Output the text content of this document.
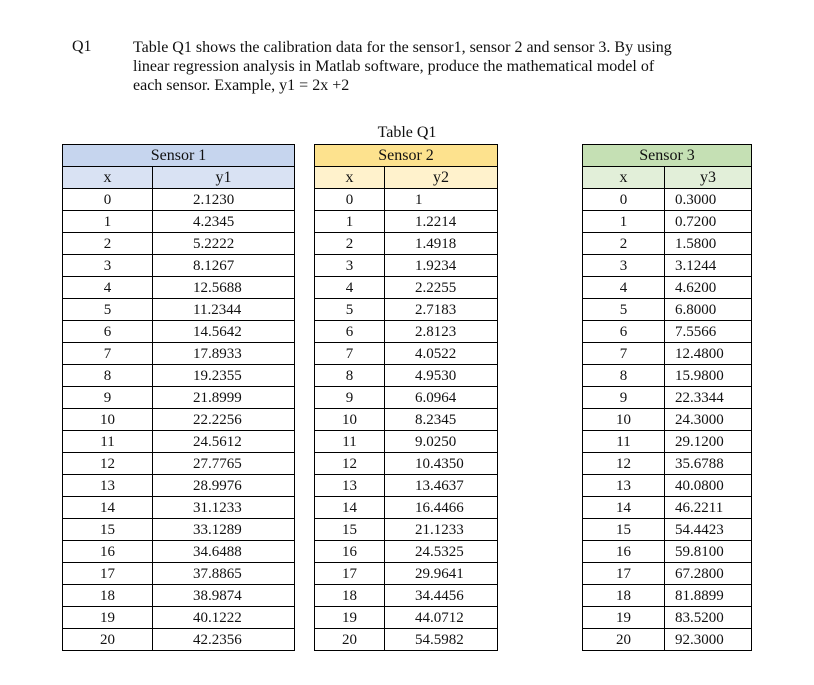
Q1	Table Q1 shows the calibration data for the sensor1, sensor 2 and sensor 3. By using

linear regression analysis in Matlab software, produce the mathematical model of

each sensor. Example, y1 = 2x +2

Table Q1
Sensor 1	
x	y1
0	2.1230
1	4.2345
2	5.2222
3	8.1267
4	12.5688
5	11.2344
6	14.5642
7	17.8933
8	19.2355
9	21.8999
10	22.2256
11	24.5612
12	27.7765
13	28.9976
14	31.1233
15	33.1289
16	34.6488
17	37.8865
18	38.9874
19	40.1222
20	42.2356
Sensor 2	
x	y2
0	1
1	1.2214
2	1.4918
3	1.9234
4	2.2255
5	2.7183
6	2.8123
7	4.0522
8	4.9530
9	6.0964
10	8.2345
11	9.0250
12	10.4350
13	13.4637
14	16.4466
15	21.1233
16	24.5325
17	29.9641
18	34.4456
19	44.0712
20	54.5982
Sensor 3	
x	y3
0	0.3000
1	0.7200
2	1.5800
3	3.1244
4	4.6200
5	6.8000
6	7.5566
7	12.4800
8	15.9800
9	22.3344
10	24.3000
11	29.1200
12	35.6788
13	40.0800
14	46.2211
15	54.4423
16	59.8100
17	67.2800
18	81.8899
19	83.5200
20	92.3000
